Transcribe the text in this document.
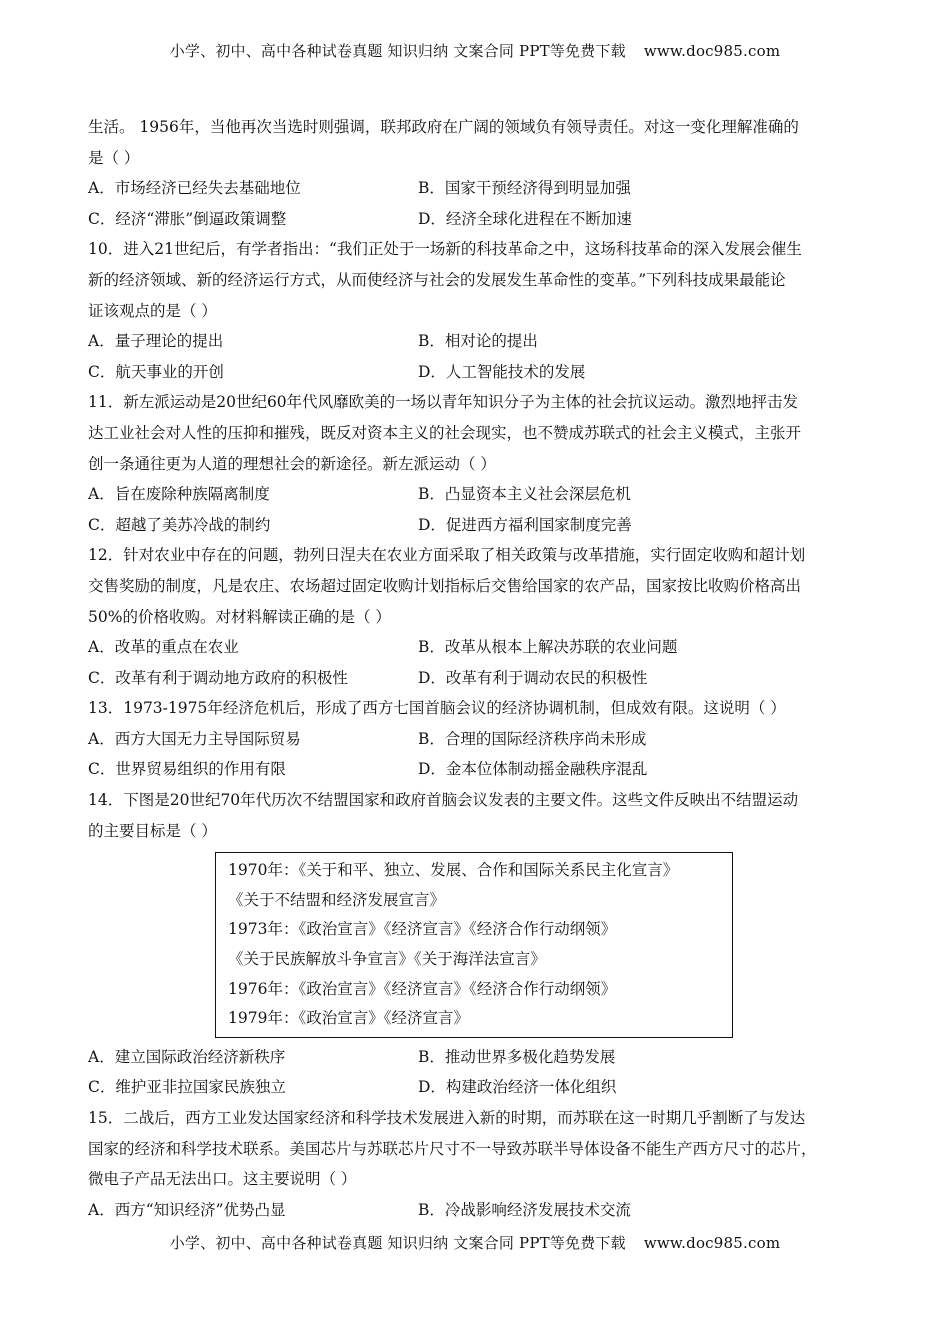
小学、初中、高中各种试卷真题 知识归纳 文案合同 PPT等免费下载 www.doc985.com
生活。 1956年，当他再次当选时则强调，联邦政府在广阔的领域负有领导责任。对这一变化理解准确的
是（ ）
A．市场经济已经失去基础地位	B．国家干预经济得到明显加强
C．经济“滞胀”倒逼政策调整	D．经济全球化进程在不断加速
10．进入21世纪后，有学者指出：“我们正处于一场新的科技革命之中，这场科技革命的深入发展会催生
新的经济领域、新的经济运行方式，从而使经济与社会的发展发生革命性的变革。”下列科技成果最能论
证该观点的是（ ）
A．量子理论的提出	B．相对论的提出
C．航天事业的开创	D．人工智能技术的发展
11．新左派运动是20世纪60年代风靡欧美的一场以青年知识分子为主体的社会抗议运动。激烈地抨击发
达工业社会对人性的压抑和摧残，既反对资本主义的社会现实，也不赞成苏联式的社会主义模式，主张开
创一条通往更为人道的理想社会的新途径。新左派运动（ ）
A．旨在废除种族隔离制度	B．凸显资本主义社会深层危机
C．超越了美苏冷战的制约	D．促进西方福利国家制度完善
12．针对农业中存在的问题，勃列日涅夫在农业方面采取了相关政策与改革措施，实行固定收购和超计划
交售奖励的制度，凡是农庄、农场超过固定收购计划指标后交售给国家的农产品，国家按比收购价格高出
50%的价格收购。对材料解读正确的是（ ）
A．改革的重点在农业	B．改革从根本上解决苏联的农业问题
C．改革有利于调动地方政府的积极性	D．改革有利于调动农民的积极性
13．1973-1975年经济危机后，形成了西方七国首脑会议的经济协调机制，但成效有限。这说明（ ）
A．西方大国无力主导国际贸易	B．合理的国际经济秩序尚未形成
C．世界贸易组织的作用有限	D．金本位体制动摇金融秩序混乱
14．下图是20世纪70年代历次不结盟国家和政府首脑会议发表的主要文件。这些文件反映出不结盟运动
的主要目标是（ ）
1970年：《关于和平、独立、发展、合作和国际关系民主化宣言》
《关于不结盟和经济发展宣言》
1973年：《政治宣言》《经济宣言》《经济合作行动纲领》
《关于民族解放斗争宣言》《关于海洋法宣言》
1976年：《政治宣言》《经济宣言》《经济合作行动纲领》
1979年：《政治宣言》《经济宣言》
A．建立国际政治经济新秩序	B．推动世界多极化趋势发展
C．维护亚非拉国家民族独立	D．构建政治经济一体化组织
15．二战后，西方工业发达国家经济和科学技术发展进入新的时期，而苏联在这一时期几乎割断了与发达
国家的经济和科学技术联系。美国芯片与苏联芯片尺寸不一导致苏联半导体设备不能生产西方尺寸的芯片，
微电子产品无法出口。这主要说明（ ）
A．西方“知识经济”优势凸显	B．冷战影响经济发展技术交流
小学、初中、高中各种试卷真题 知识归纳 文案合同 PPT等免费下载 www.doc985.com
